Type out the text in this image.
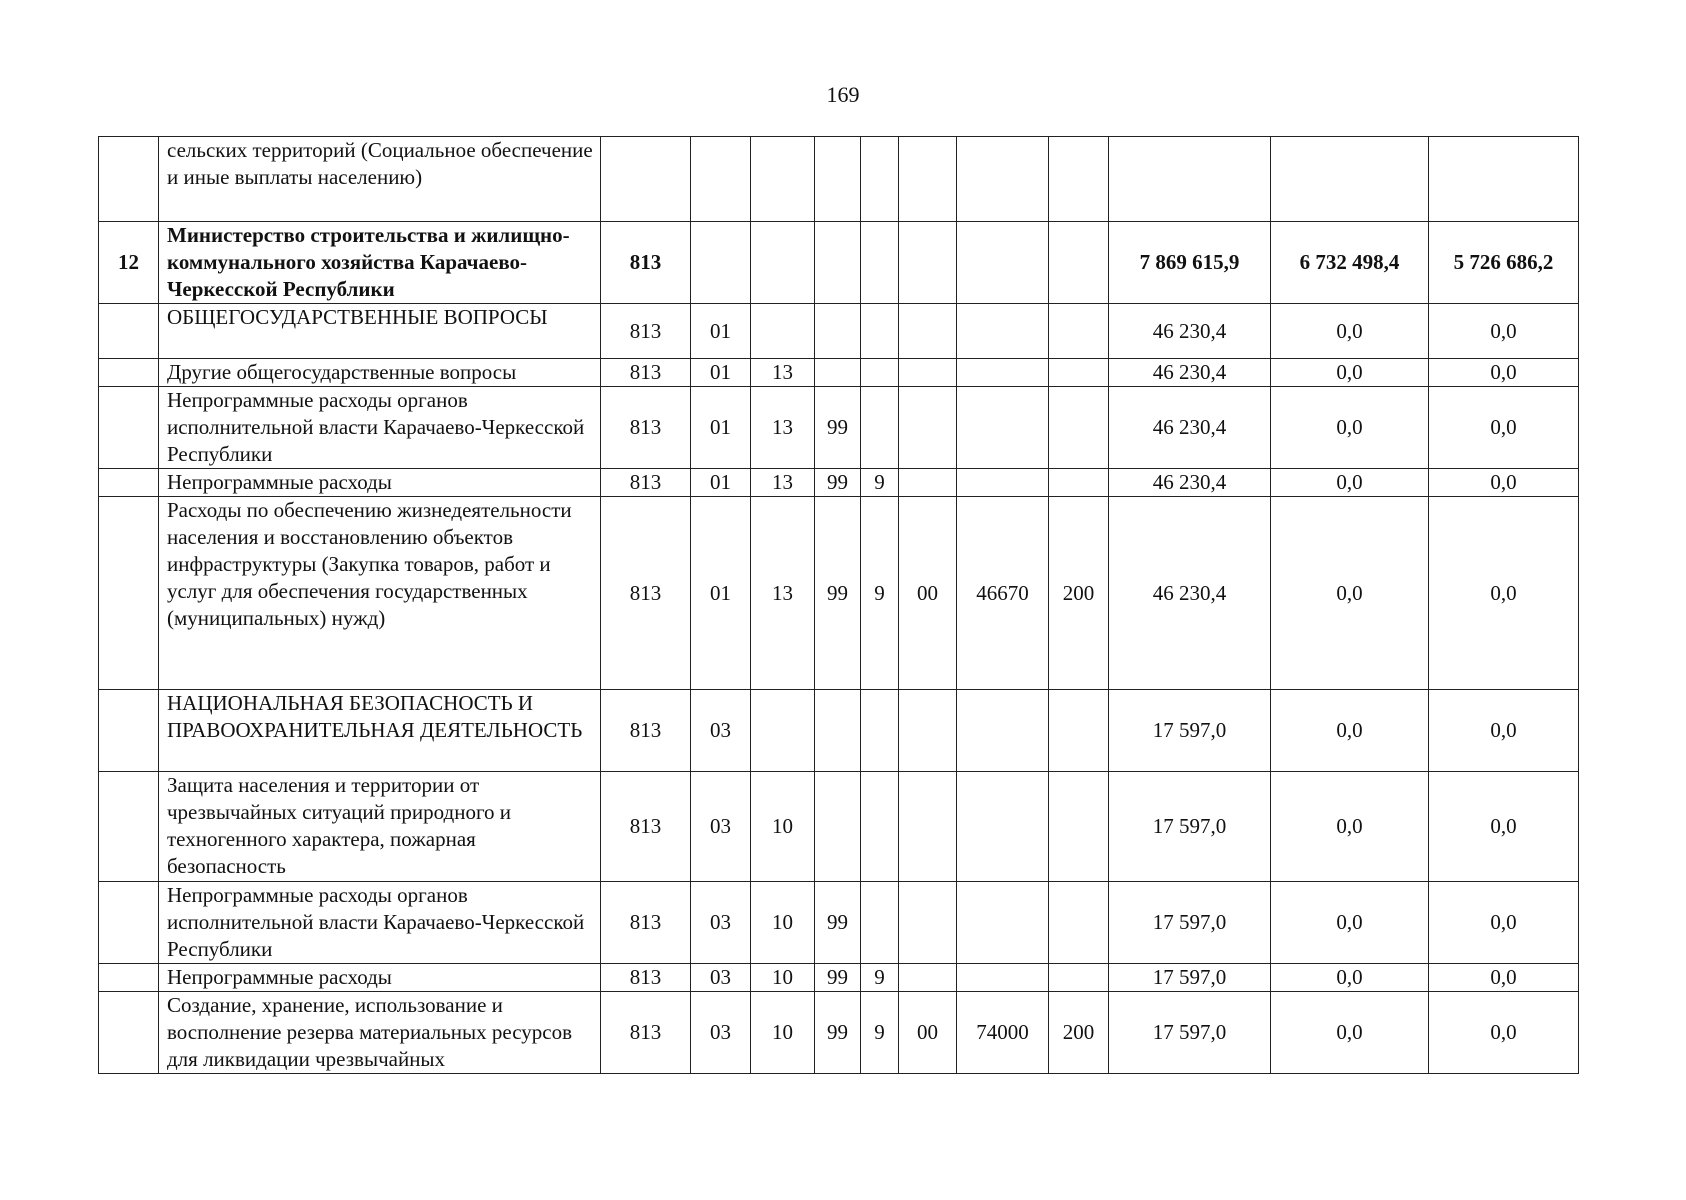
169
	сельских территорий (Социальное обеспечение и иные выплаты населению)											
12	Министерство строительства и жилищно-коммунального хозяйства Карачаево-Черкесской Республики	813								7 869 615,9	6 732 498,4	5 726 686,2
	ОБЩЕГОСУДАРСТВЕННЫЕ ВОПРОСЫ	813	01							46 230,4	0,0	0,0
	Другие общегосударственные вопросы	813	01	13						46 230,4	0,0	0,0
	Непрограммные расходы органов исполнительной власти Карачаево-Черкесской Республики	813	01	13	99					46 230,4	0,0	0,0
	Непрограммные расходы	813	01	13	99	9				46 230,4	0,0	0,0
	Расходы по обеспечению жизнедеятельности населения и восстановлению объектов инфраструктуры (Закупка товаров, работ и услуг для обеспечения государственных (муниципальных) нужд)	813	01	13	99	9	00	46670	200	46 230,4	0,0	0,0
	НАЦИОНАЛЬНАЯ БЕЗОПАСНОСТЬ И ПРАВООХРАНИТЕЛЬНАЯ ДЕЯТЕЛЬНОСТЬ	813	03							17 597,0	0,0	0,0
	Защита населения и территории от чрезвычайных ситуаций природного и техногенного характера, пожарная безопасность	813	03	10						17 597,0	0,0	0,0
	Непрограммные расходы органов исполнительной власти Карачаево-Черкесской Республики	813	03	10	99					17 597,0	0,0	0,0
	Непрограммные расходы	813	03	10	99	9				17 597,0	0,0	0,0
	Создание, хранение, использование и восполнение резерва материальных ресурсов для ликвидации чрезвычайных	813	03	10	99	9	00	74000	200	17 597,0	0,0	0,0
